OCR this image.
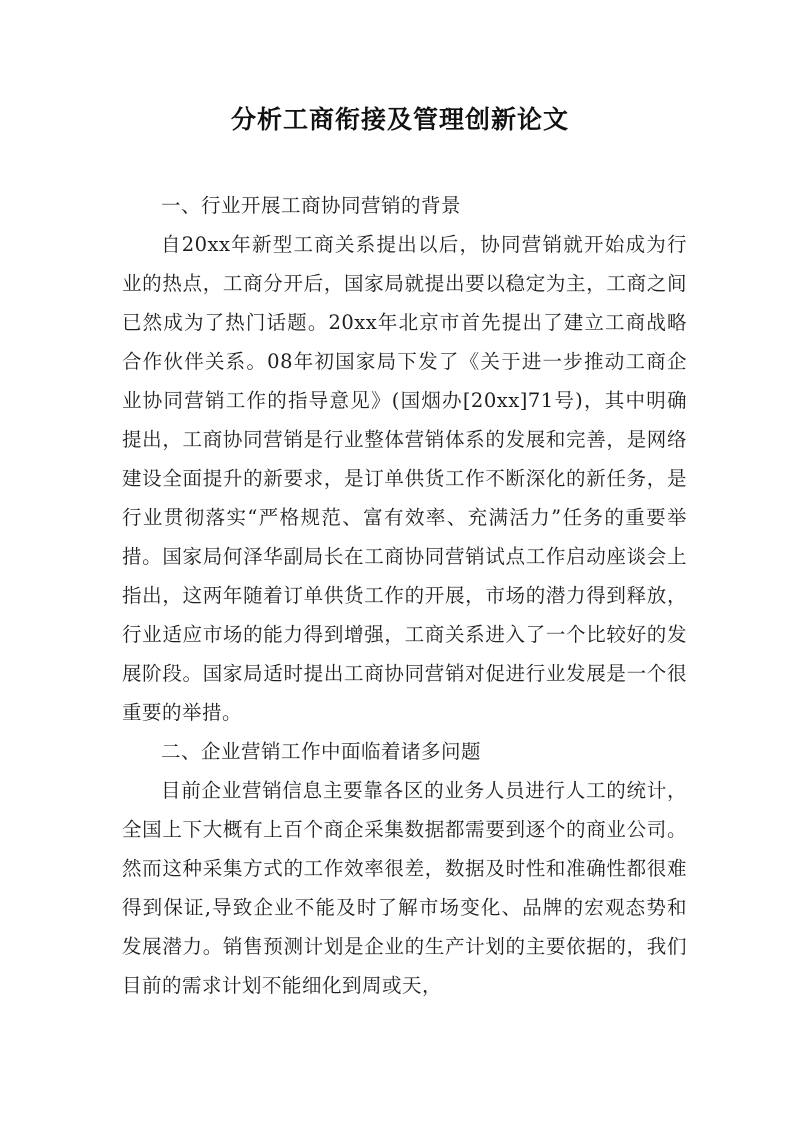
分析工商衔接及管理创新论文

一、行业开展工商协同营销的背景

自20xx年新型工商关系提出以后，协同营销就开始成为行业的热点，工商分开后，国家局就提出要以稳定为主，工商之间已然成为了热门话题。20xx年北京市首先提出了建立工商战略合作伙伴关系。08年初国家局下发了《关于进一步推动工商企业协同营销工作的指导意见》(国烟办[20xx]71号)，其中明确提出，工商协同营销是行业整体营销体系的发展和完善，是网络建设全面提升的新要求，是订单供货工作不断深化的新任务，是行业贯彻落实“严格规范、富有效率、充满活力”任务的重要举措。国家局何泽华副局长在工商协同营销试点工作启动座谈会上指出，这两年随着订单供货工作的开展，市场的潜力得到释放，行业适应市场的能力得到增强，工商关系进入了一个比较好的发展阶段。国家局适时提出工商协同营销对促进行业发展是一个很重要的举措。

二、企业营销工作中面临着诸多问题

目前企业营销信息主要靠各区的业务人员进行人工的统计，全国上下大概有上百个商企采集数据都需要到逐个的商业公司。然而这种采集方式的工作效率很差，数据及时性和准确性都很难得到保证,导致企业不能及时了解市场变化、品牌的宏观态势和发展潜力。销售预测计划是企业的生产计划的主要依据的，我们目前的需求计划不能细化到周或天，
